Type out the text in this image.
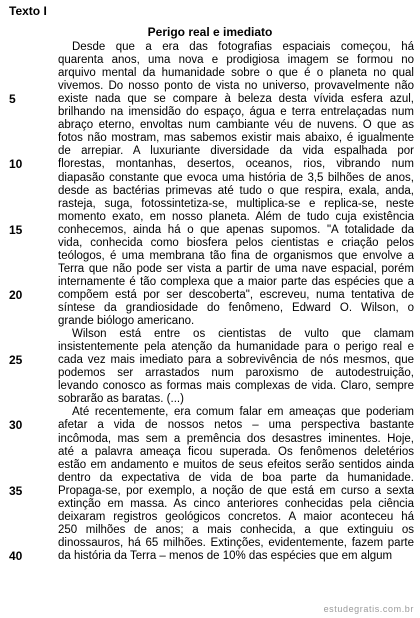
Texto I
Perigo real e imediato
Desde que a era das fotografias espaciais começou, há
quarenta anos, uma nova e prodigiosa imagem se formou no
arquivo mental da humanidade sobre o que é o planeta no qual
vivemos. Do nosso ponto de vista no universo, provavelmente não
existe nada que se compare à beleza desta vívida esfera azul,
brilhando na imensidão do espaço, água e terra entrelaçadas num
abraço eterno, envoltas num cambiante véu de nuvens. O que as
fotos não mostram, mas sabemos existir mais abaixo, é igualmente
de arrepiar. A luxuriante diversidade da vida espalhada por
florestas, montanhas, desertos, oceanos, rios, vibrando num
diapasão constante que evoca uma história de 3,5 bilhões de anos,
desde as bactérias primevas até tudo o que respira, exala, anda,
rasteja, suga, fotossintetiza-se, multiplica-se e replica-se, neste
momento exato, em nosso planeta. Além de tudo cuja existência
conhecemos, ainda há o que apenas supomos. "A totalidade da
vida, conhecida como biosfera pelos cientistas e criação pelos
teólogos, é uma membrana tão fina de organismos que envolve a
Terra que não pode ser vista a partir de uma nave espacial, porém
internamente é tão complexa que a maior parte das espécies que a
compõem está por ser descoberta", escreveu, numa tentativa de
síntese da grandiosidade do fenômeno, Edward O. Wilson, o
grande biólogo americano.
Wilson está entre os cientistas de vulto que clamam
insistentemente pela atenção da humanidade para o perigo real e
cada vez mais imediato para a sobrevivência de nós mesmos, que
podemos ser arrastados num paroxismo de autodestruição,
levando conosco as formas mais complexas de vida. Claro, sempre
sobrarão as baratas. (...)
Até recentemente, era comum falar em ameaças que poderiam
afetar a vida de nossos netos – uma perspectiva bastante
incômoda, mas sem a premência dos desastres iminentes. Hoje,
até a palavra ameaça ficou superada. Os fenômenos deletérios
estão em andamento e muitos de seus efeitos serão sentidos ainda
dentro da expectativa de vida de boa parte da humanidade.
Propaga-se, por exemplo, a noção de que está em curso a sexta
extinção em massa. As cinco anteriores conhecidas pela ciência
deixaram registros geológicos concretos. A maior aconteceu há
250 milhões de anos; a mais conhecida, a que extinguiu os
dinossauros, há 65 milhões. Extinções, evidentemente, fazem parte
da história da Terra – menos de 10% das espécies que em algum
5
10
15
20
25
30
35
40
estudegratis.com.br
